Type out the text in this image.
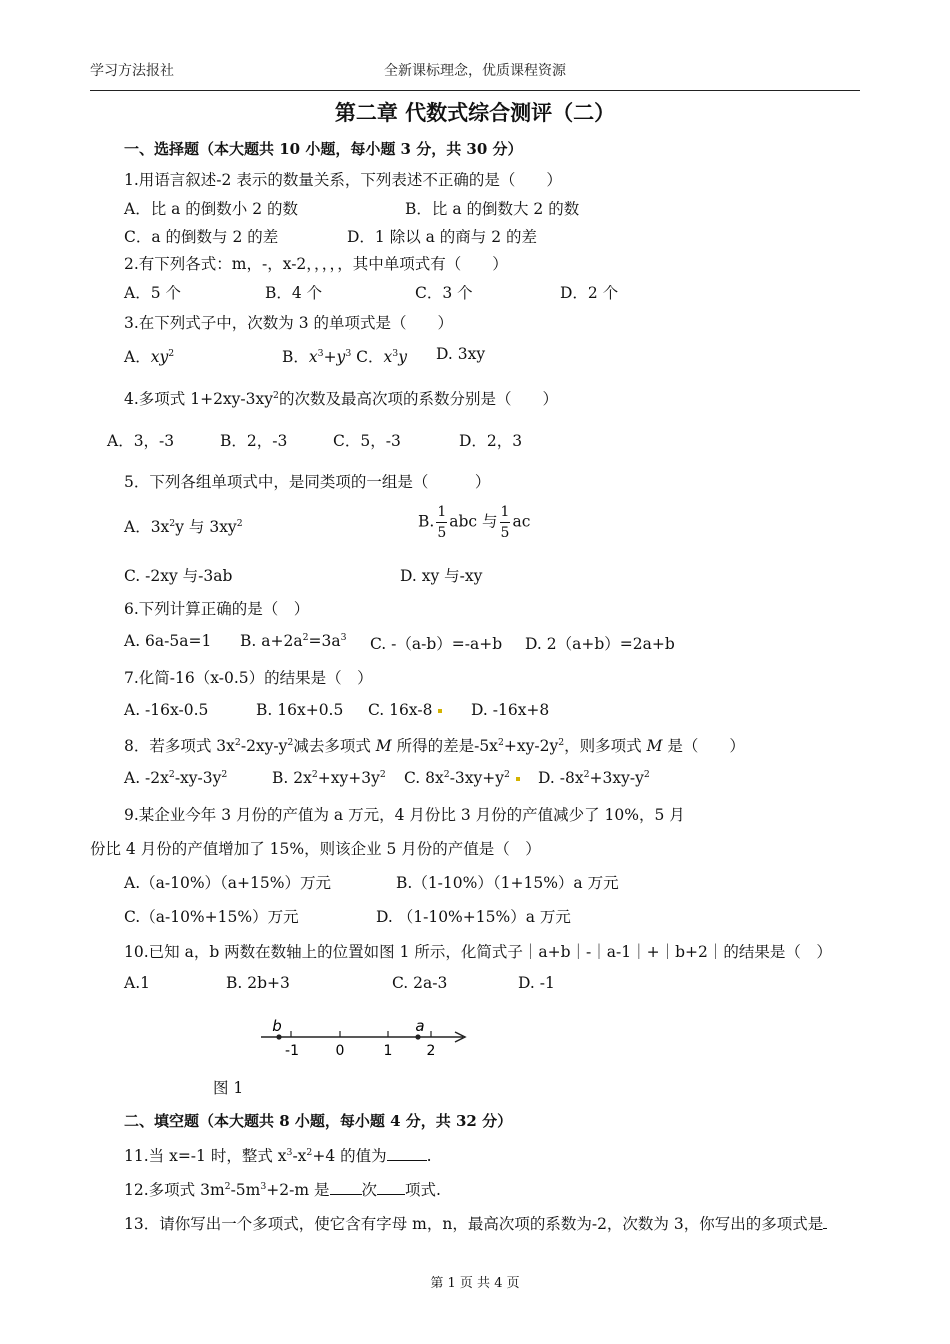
学习方法报社	全新课标理念，优质课程资源
第二章 代数式综合测评（二）
一、选择题（本大题共 10 小题，每小题 3 分，共 30 分）
1.用语言叙述-2 表示的数量关系，下列表述不正确的是（　　）
A．比 a 的倒数小 2 的数	B．比 a 的倒数大 2 的数
C．a 的倒数与 2 的差	D．1 除以 a 的商与 2 的差
2.有下列各式：m，-，x-2，，，，，其中单项式有（　　）
A．5 个	B．4 个	C．3 个	D．2 个
3.在下列式子中，次数为 3 的单项式是（　　）
A．$xy^2$	B．$x^3+y^3$ C．$x^3y$ D. 3xy
4.多项式 $1+2xy-3xy^2$的次数及最高次项的系数分别是（　　）
A．3，-3	B．2，-3	C．5，-3	D．2，3
5．下列各组单项式中，是同类项的一组是（　　　）
A．$3x^2y$ 与 $3xy^2$	B. $\frac{1}{5}$ abc 与 $\frac{1}{5}$ ac
C. -2xy 与-3ab	D. xy 与-xy
6.下列计算正确的是（　）
A. 6a-5a=1 B. $a+2a^2=3a^3$ C. -（a-b）=-a+b D. 2（a+b）=2a+b
7.化简-16（x-0.5）的结果是（　）
A. -16x-0.5	B. 16x+0.5 C. 16x-8	D. -16x+8
8．若多项式 $3x^2-2xy-y^2$减去多项式 M 所得的差是$-5x^2+xy-2y^2$，则多项式 M 是（　　）
A. $-2x^2-xy-3y^2$	B. $2x^2+xy+3y^2$ C. $8x^2-3xy+y^2$	D. $-8x^2+3xy-y^2$
9.某企业今年 3 月份的产值为 a 万元，4 月份比 3 月份的产值减少了 10%，5 月
份比 4 月份的产值增加了 15%，则该企业 5 月份的产值是（　）
A.（a-10%）（a+15%）万元	B.（1-10%）（1+15%）a 万元
C.（a-10%+15%）万元	D. （1-10%+15%）a 万元
10.已知 a，b 两数在数轴上的位置如图 1 所示，化简式子｜a+b｜-｜a-1｜+｜b+2｜的结果是（　）
A.1	B. 2b+3	C. 2a-3	D. -1
b	a
-1	0	1 2
图 1
二、填空题（本大题共 8 小题，每小题 4 分，共 32 分）
11.当 x=-1 时，整式 $x^3-x^2+4$ 的值为	.
12.多项式 $3m^2-5m^3+2-m$ 是 次 项式.
13．请你写出一个多项式，使它含有字母 m，n，最高次项的系数为-2，次数为 3，你写出的多项式是
第 1 页 共 4 页
